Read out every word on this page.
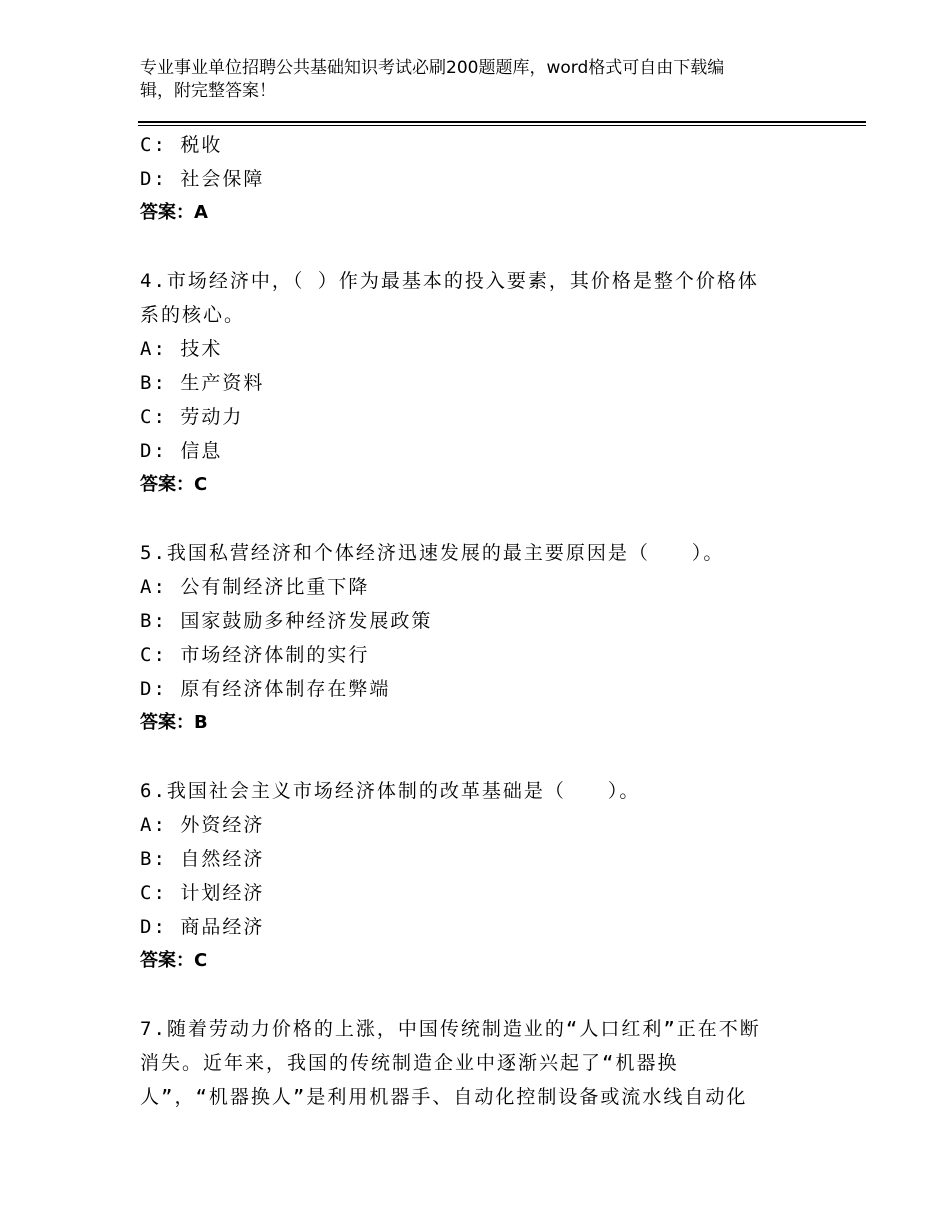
专业事业单位招聘公共基础知识考试必刷200题题库，word格式可自由下载编
辑，附完整答案！
C: 税收
D: 社会保障
答案：A
4.市场经济中，（ ）作为最基本的投入要素，其价格是整个价格体
系的核心。
A: 技术
B: 生产资料
C: 劳动力
D: 信息
答案：C
5.我国私营经济和个体经济迅速发展的最主要原因是（　　）。
A: 公有制经济比重下降
B: 国家鼓励多种经济发展政策
C: 市场经济体制的实行
D: 原有经济体制存在弊端
答案：B
6.我国社会主义市场经济体制的改革基础是（　　）。
A: 外资经济
B: 自然经济
C: 计划经济
D: 商品经济
答案：C
7.随着劳动力价格的上涨，中国传统制造业的“人口红利”正在不断
消失。近年来，我国的传统制造企业中逐渐兴起了“机器换
人”，“机器换人”是利用机器手、自动化控制设备或流水线自动化
